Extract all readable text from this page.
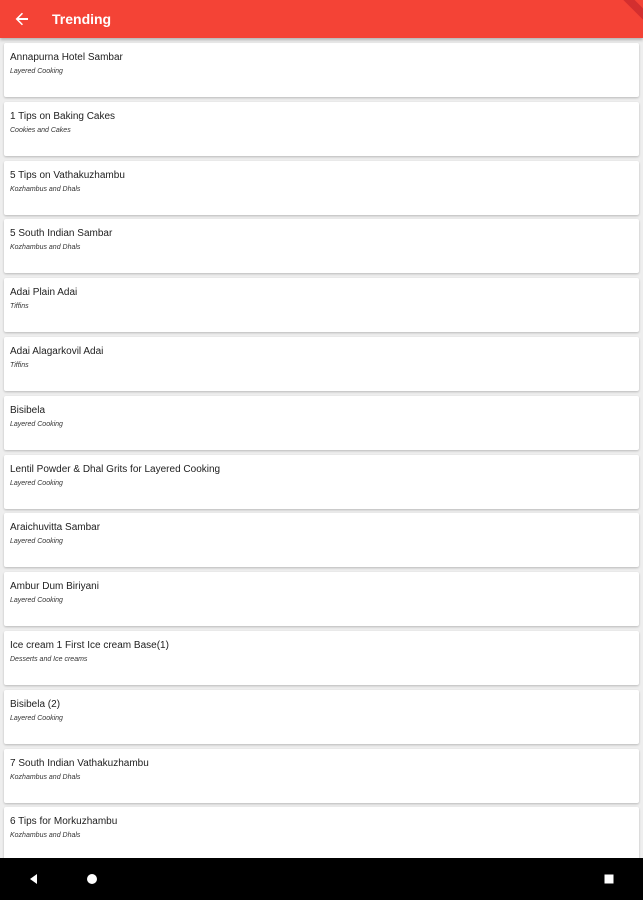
Trending
Annapurna Hotel Sambar
Layered Cooking
1 Tips on Baking Cakes
Cookies and Cakes
5 Tips on Vathakuzhambu
Kozhambus and Dhals
5 South Indian Sambar
Kozhambus and Dhals
Adai Plain Adai
Tiffins
Adai Alagarkovil Adai
Tiffins
Bisibela
Layered Cooking
Lentil Powder & Dhal Grits for Layered Cooking
Layered Cooking
Araichuvitta Sambar
Layered Cooking
Ambur Dum Biriyani
Layered Cooking
Ice cream 1 First Ice cream Base(1)
Desserts and Ice creams
Bisibela (2)
Layered Cooking
7 South Indian Vathakuzhambu
Kozhambus and Dhals
6 Tips for Morkuzhambu
Kozhambus and Dhals
